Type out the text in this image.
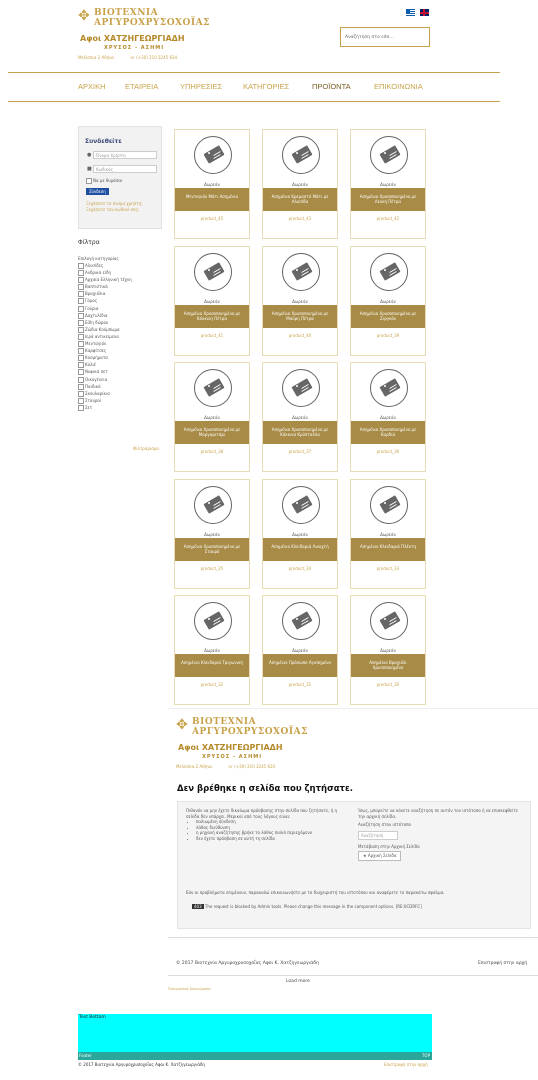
✥ ΒΙΟΤΕΧΝΙΑ
ΑΡΓΥΡΟΧΡΥΣΟΧΟΪΑΣ
Αφοι ΧΑΤΖΗΓΕΩΡΓΙΑΔΗ
ΧΡΥΣΟΣ - ΑΣΗΜΙ
Μελίσσια 2 Αθήνα	☏ (+30) 210 3245 634

Αναζήτηση στο site...
ΑΡΧΙΚΗ	ΕΤΑΙΡΕΙΑ	ΥΠΗΡΕΣΙΕΣ	ΚΑΤΗΓΟΡΙΕΣ	ΠΡΟΪΟΝΤΑ	ΕΠΙΚΟΙΝΩΝΙΑ
Συνδεθείτε
●	Όνομα Χρήστη
■	Κωδικός
Να με θυμάσαι
Σύνδεση
Ξεχάσατε το όνομα χρήστη;
Ξεχάσατε τον κωδικό σας;
Φίλτρα
Επιλογή κατηγορίας
Αλυσίδες
Ανδρικά είδη
Αρχαία Ελληνική τέχνη
Βαπτιστικά
Βραχιόλια
Γάμος
Γούρια
Δαχτυλίδια
Είδη δώρου
Ζώδια Κούμπωμα
Ιερά αντικείμενα
Μενταγιόν
Καρφίτσες
Κοσμήματα
Κολιέ
Νυφικά σετ
Οικογένεια
Παιδικά
Σκουλαρίκια
Σταυροί
Σετ
Φιλτράρισμα
Δωρεάν
Μενταγιόν Μάτι Ασημένιο
product_45
Δωρεάν
Ασημένιο Κρεμαστό Μάτι με Αλυσίδα
product_43
Δωρεάν
Ασημένιο Χρυσοποιημένο με Λευκή Πέτρα
product_42
Δωρεάν
Ασημένιο Χρυσοποιημένο με Κόκκινη Πέτρα
product_41
Δωρεάν
Ασημένιο Χρυσοποιημένο με Μαύρη Πέτρα
product_40
Δωρεάν
Ασημένιο Χρυσοποιημένο με Ζιργκόν
product_39
Δωρεάν
Ασημένιο Χρυσοποιημένο με Μαργαριτάρι
product_38
Δωρεάν
Ασημένιο Χρυσοποιημένο με Κόκκινα Κρύσταλλα
product_37
Δωρεάν
Ασημένιο Χρυσοποιημένο με Καρδιά
product_36
Δωρεάν
Ασημένιο Χρυσοποιημένο με Σταυρό
product_35
Δωρεάν
Ασημένιο Κλειδαριά Ανοιχτή
product_34
Δωρεάν
Ασημένιο Κλειδαριά Πλέκτη
product_33
Δωρεάν
Ασημένιο Κλειδαριά Τριγωνική
product_32
Δωρεάν
Ασημένιο Πρόσωπο Αγαπημένο
product_31
Δωρεάν
Ασημένιο Βραχιόλι Χρυσοποιημένο
product_30
✥ ΒΙΟΤΕΧΝΙΑ
ΑΡΓΥΡΟΧΡΥΣΟΧΟΪΑΣ
Αφοι ΧΑΤΖΗΓΕΩΡΓΙΑΔΗ
ΧΡΥΣΟΣ - ΑΣΗΜΙ
Μελίσσια 2 Αθήνα	☏ (+30) 210 3245 634
Δεν βρέθηκε η σελίδα που ζητήσατε.
Πιθανόν να μην έχετε δικαίωμα πρόσβασης στην σελίδα που ζητήσατε, ή η σελίδα δεν υπάρχει. Μερικοί από τους λόγους είναι:
• παλιωμένη σύνδεση
• λάθος διεύθυνση
• η μηχανή αναζήτησης βρήκε το λάθος παλιό περιεχόμενο
• δεν έχετε πρόσβαση σε αυτή τη σελίδα
Ίσως, μπορείτε να κάνετε αναζήτηση σε αυτόν τον ιστότοπο ή να επισκεφθείτε την αρχική σελίδα.
Αναζήτηση στον ιστότοπο
Αναζήτηση
Μετάβαση στην Αρχική Σελίδα
★ Αρχική Σελίδα
Εάν οι προβλήματα επιμένουν, παρακαλώ επικοινωνήστε με το διαχειριστή του ιστοτόπου και αναφέρετε το παρακάτω σφάλμα.
403 The request is blocked by Admin tools. Please change this message in the component options. [RE:0CDRFC]
© 2017 Βιοτεχνία Αργυροχρυσοχοΐας Αφοι Κ. Χατζηγεωργιάδη	Επιστροφή στην αρχή
Load more
Πνευματικά δικαιώματα
Test Bottom
Footer	TOP
© 2017 Βιοτεχνία Αργυροχρυσοχοΐας Αφοι Κ. Χατζηγεωργιάδη	Επιστροφή στην αρχή
